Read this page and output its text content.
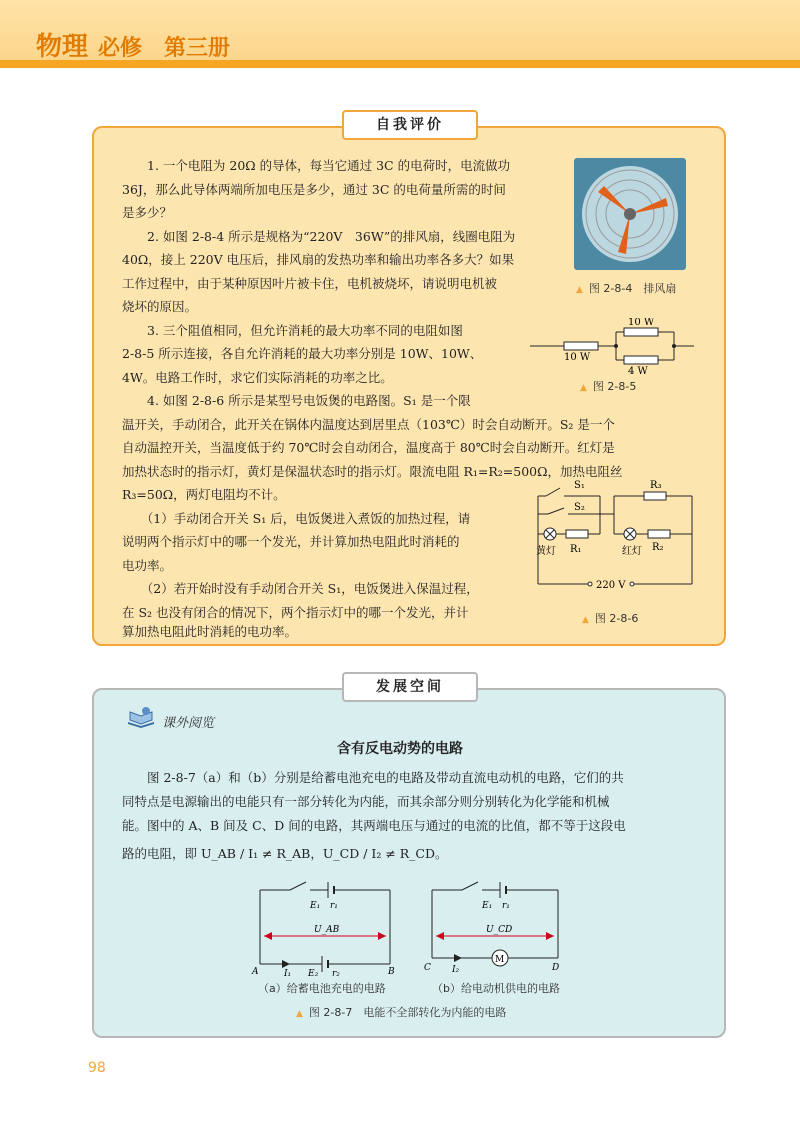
物理 必修　第三册
自我评价
　　1. 一个电阻为 20Ω 的导体，每当它通过 3C 的电荷时，电流做功
36J，那么此导体两端所加电压是多少，通过 3C 的电荷量所需的时间
是多少？
　　2. 如图 2-8-4 所示是规格为“220V　36W”的排风扇，线圈电阻为
40Ω，接上 220V 电压后，排风扇的发热功率和输出功率各多大？如果
工作过程中，由于某种原因叶片被卡住，电机被烧坏，请说明电机被
烧坏的原因。
　　3. 三个阻值相同，但允许消耗的最大功率不同的电阻如图
2-8-5 所示连接，各自允许消耗的最大功率分别是 10W、10W、
4W。电路工作时，求它们实际消耗的功率之比。
　　4. 如图 2-8-6 所示是某型号电饭煲的电路图。S₁ 是一个限
温开关，手动闭合，此开关在锅体内温度达到居里点（103℃）时会自动断开。S₂ 是一个
自动温控开关，当温度低于约 70℃时会自动闭合，温度高于 80℃时会自动断开。红灯是
加热状态时的指示灯，黄灯是保温状态时的指示灯。限流电阻 R₁=R₂=500Ω，加热电阻丝
R₃=50Ω，两灯电阻均不计。
　　（1）手动闭合开关 S₁ 后，电饭煲进入煮饭的加热过程，请
说明两个指示灯中的哪一个发光，并计算加热电阻此时消耗的
电功率。
　　（2）若开始时没有手动闭合开关 S₁，电饭煲进入保温过程，
在 S₂ 也没有闭合的情况下，两个指示灯中的哪一个发光，并计
算加热电阻此时消耗的电功率。
▲ 图 2-8-4　排风扇
10 W
10 W
4 W
▲ 图 2-8-5
S₁
S₂
R₃
R₁	R₂
黄灯	红灯
220 V
▲ 图 2-8-6
发展空间
课外阅览
含有反电动势的电路
　　图 2-8-7（a）和（b）分别是给蓄电池充电的电路及带动直流电动机的电路，它们的共
同特点是电源输出的电能只有一部分转化为内能，而其余部分则分别转化为化学能和机械
能。图中的 A、B 间及 C、D 间的电路，其两端电压与通过的电流的比值，都不等于这段电
路的电阻，即 U_AB / I₁ ≠ R_AB，U_CD / I₂ ≠ R_CD。
E₁ r₁
U_AB
A	B
I₁ E₂ r₂
M
E₁ r₁
U_CD
C	D
I₂
（a）给蓄电池充电的电路	（b）给电动机供电的电路
▲ 图 2-8-7　电能不全部转化为内能的电路
98
